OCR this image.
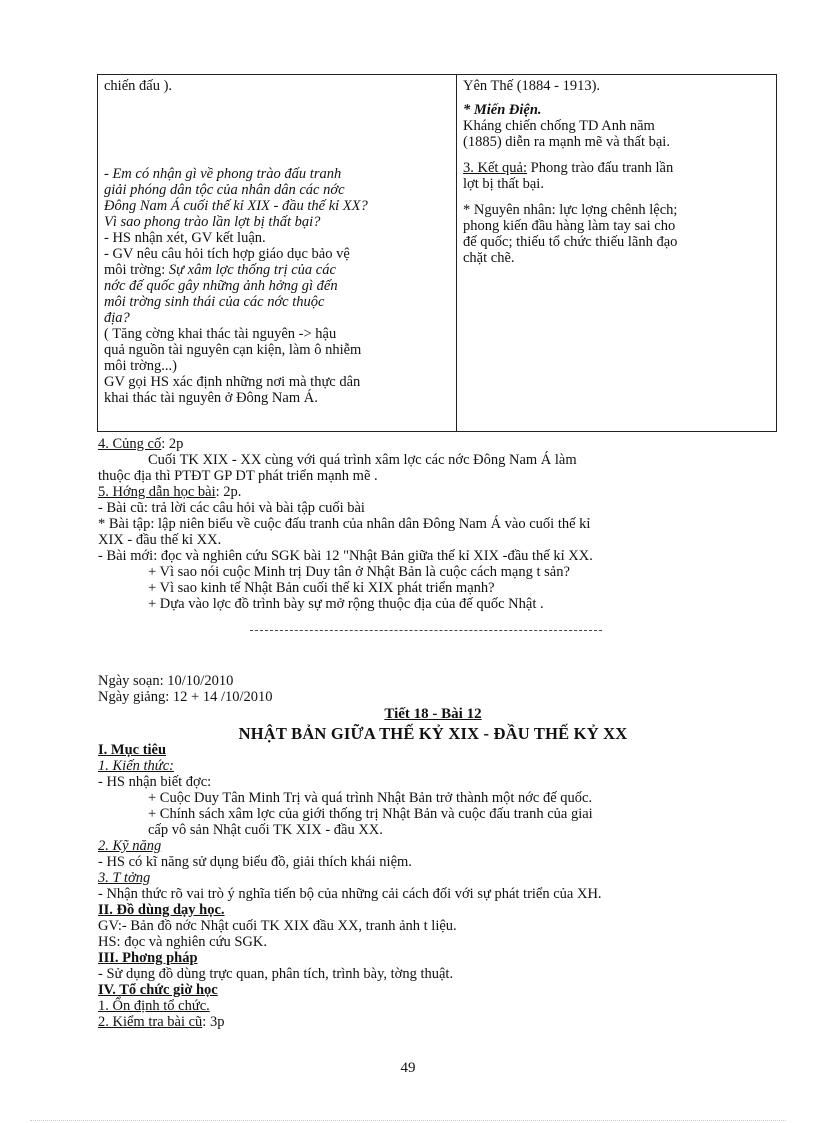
chiến đấu ).
- Em có nhận gì về phong trào đấu tranh
giải phóng dân tộc của nhân dân các nớc
Đông Nam Á cuối thế kỉ XIX - đầu thế kỉ XX?
Vì sao phong trào lần lợt bị thất bại?
- HS nhận xét, GV kết luận.
- GV nêu câu hỏi tích hợp giáo dục bảo vệ
môi trờng: Sự xâm lợc thống trị của các
nớc đế quốc gây những ảnh hởng gì đến
môi trờng sinh thái của các nớc thuộc
địa?
( Tăng cờng khai thác tài nguyên -> hậu
quả nguồn tài nguyên cạn kiện, làm ô nhiễm
môi trờng...)
GV gọi HS xác định những nơi mà thực dân
khai thác tài nguyên ở Đông Nam Á.
Yên Thế (1884 - 1913).
* Miến Điện.
Kháng chiến chống TD Anh năm
(1885) diễn ra mạnh mẽ và thất bại.
3. Kết quả: Phong trào đấu tranh lần
lợt bị thất bại.
* Nguyên nhân: lực lợng chênh lệch;
phong kiến đầu hàng làm tay sai cho
đế quốc; thiếu tổ chức thiếu lãnh đạo
chặt chẽ.
4. Củng cố: 2p
Cuối TK XIX - XX cùng với quá trình xâm lợc các nớc Đông Nam Á làm
thuộc địa thì PTĐT GP DT phát triển mạnh mẽ .
5. Hớng dẫn học bài: 2p.
- Bài cũ: trả lời các câu hỏi và bài tập cuối bài
* Bài tập: lập niên biểu về cuộc đấu tranh của nhân dân Đông Nam Á vào cuối thế kỉ
XIX - đầu thế kỉ XX.
- Bài mới: đọc và nghiên cứu SGK bài 12 "Nhật Bản giữa thế kỉ XIX -đầu thế kỉ XX.
+ Vì sao nói cuộc Minh trị Duy tân ở Nhật Bản là cuộc cách mạng t sản?
+ Vì sao kinh tế Nhật Bản cuối thế kỉ XIX phát triển mạnh?
+ Dựa vào lợc đồ trình bày sự mở rộng thuộc địa của đế quốc Nhật .
Ngày soạn: 10/10/2010
Ngày giảng: 12 + 14 /10/2010
Tiết 18 - Bài 12
NHẬT BẢN GIỮA THẾ KỶ XIX - ĐẦU THẾ KỶ XX
I. Mục tiêu
1. Kiến thức:
- HS nhận biết đợc:
+ Cuộc Duy Tân Minh Trị và quá trình Nhật Bản trở thành một nớc đế quốc.
+ Chính sách xâm lợc của giới thống trị Nhật Bản và cuộc đấu tranh của giai
cấp vô sản Nhật cuối TK XIX - đầu XX.
2. Kỹ năng
- HS có kĩ năng sử dụng biểu đồ, giải thích khái niệm.
3. T tởng
- Nhận thức rõ vai trò ý nghĩa tiến bộ của những cải cách đối với sự phát triển của XH.
II. Đồ dùng dạy học.
GV:- Bản đồ nớc Nhật cuối TK XIX đầu XX, tranh ảnh t liệu.
HS: đọc và nghiên cứu SGK.
III. Phơng pháp
- Sử dụng đồ dùng trực quan, phân tích, trình bày, tờng thuật.
IV. Tổ chức giờ học
1. Ổn định tổ chức.
2. Kiểm tra bài cũ: 3p
49
